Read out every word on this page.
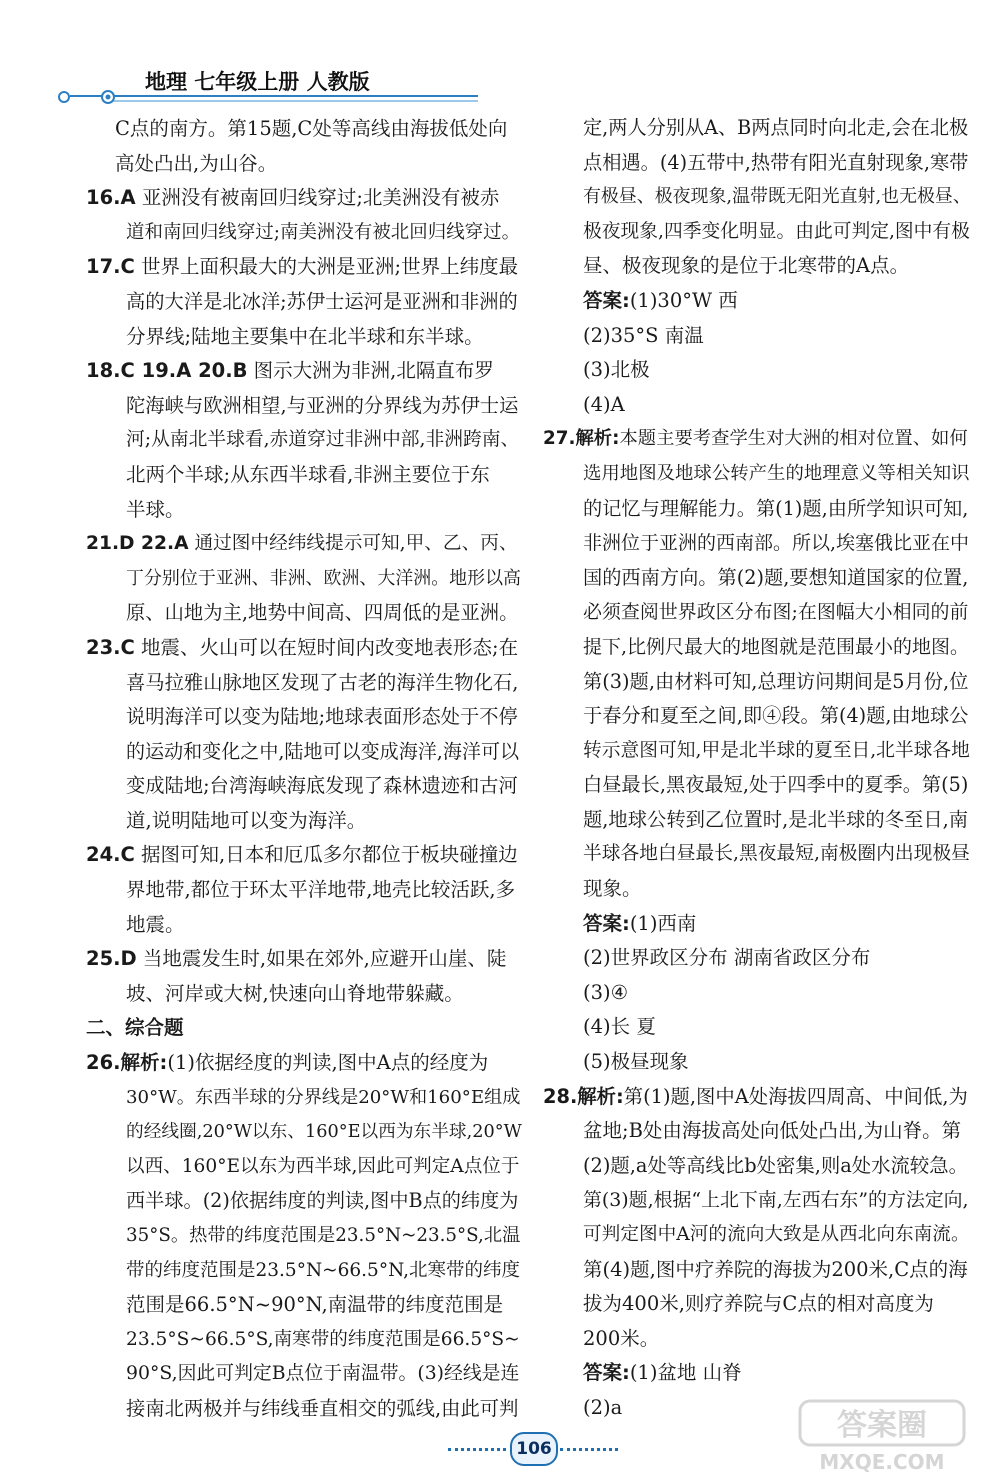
地理 七年级上册 人教版
C点的南方。第15题,C处等高线由海拔低处向
高处凸出,为山谷。
16.A 亚洲没有被南回归线穿过;北美洲没有被赤
道和南回归线穿过;南美洲没有被北回归线穿过。
17.C 世界上面积最大的大洲是亚洲;世界上纬度最
高的大洋是北冰洋;苏伊士运河是亚洲和非洲的
分界线;陆地主要集中在北半球和东半球。
18.C 19.A 20.B 图示大洲为非洲,北隔直布罗
陀海峡与欧洲相望,与亚洲的分界线为苏伊士运
河;从南北半球看,赤道穿过非洲中部,非洲跨南、
北两个半球;从东西半球看,非洲主要位于东
半球。
21.D 22.A 通过图中经纬线提示可知,甲、乙、丙、
丁分别位于亚洲、非洲、欧洲、大洋洲。地形以高
原、山地为主,地势中间高、四周低的是亚洲。
23.C 地震、火山可以在短时间内改变地表形态;在
喜马拉雅山脉地区发现了古老的海洋生物化石,
说明海洋可以变为陆地;地球表面形态处于不停
的运动和变化之中,陆地可以变成海洋,海洋可以
变成陆地;台湾海峡海底发现了森林遗迹和古河
道,说明陆地可以变为海洋。
24.C 据图可知,日本和厄瓜多尔都位于板块碰撞边
界地带,都位于环太平洋地带,地壳比较活跃,多
地震。
25.D 当地震发生时,如果在郊外,应避开山崖、陡
坡、河岸或大树,快速向山脊地带躲藏。
二、综合题
26.解析:(1)依据经度的判读,图中A点的经度为
30°W。东西半球的分界线是20°W和160°E组成
的经线圈,20°W以东、160°E以西为东半球,20°W
以西、160°E以东为西半球,因此可判定A点位于
西半球。(2)依据纬度的判读,图中B点的纬度为
35°S。热带的纬度范围是23.5°N~23.5°S,北温
带的纬度范围是23.5°N~66.5°N,北寒带的纬度
范围是66.5°N~90°N,南温带的纬度范围是
23.5°S~66.5°S,南寒带的纬度范围是66.5°S~
90°S,因此可判定B点位于南温带。(3)经线是连
接南北两极并与纬线垂直相交的弧线,由此可判
定,两人分别从A、B两点同时向北走,会在北极
点相遇。(4)五带中,热带有阳光直射现象,寒带
有极昼、极夜现象,温带既无阳光直射,也无极昼、
极夜现象,四季变化明显。由此可判定,图中有极
昼、极夜现象的是位于北寒带的A点。
答案:(1)30°W 西
(2)35°S 南温
(3)北极
(4)A
27.解析:本题主要考查学生对大洲的相对位置、如何
选用地图及地球公转产生的地理意义等相关知识
的记忆与理解能力。第(1)题,由所学知识可知,
非洲位于亚洲的西南部。所以,埃塞俄比亚在中
国的西南方向。第(2)题,要想知道国家的位置,
必须查阅世界政区分布图;在图幅大小相同的前
提下,比例尺最大的地图就是范围最小的地图。
第(3)题,由材料可知,总理访问期间是5月份,位
于春分和夏至之间,即④段。第(4)题,由地球公
转示意图可知,甲是北半球的夏至日,北半球各地
白昼最长,黑夜最短,处于四季中的夏季。第(5)
题,地球公转到乙位置时,是北半球的冬至日,南
半球各地白昼最长,黑夜最短,南极圈内出现极昼
现象。
答案:(1)西南
(2)世界政区分布 湖南省政区分布
(3)④
(4)长 夏
(5)极昼现象
28.解析:第(1)题,图中A处海拔四周高、中间低,为
盆地;B处由海拔高处向低处凸出,为山脊。第
(2)题,a处等高线比b处密集,则a处水流较急。
第(3)题,根据“上北下南,左西右东”的方法定向,
可判定图中A河的流向大致是从西北向东南流。
第(4)题,图中疗养院的海拔为200米,C点的海
拔为400米,则疗养院与C点的相对高度为
200米。
答案:(1)盆地 山脊
(2)a
106
答案圈
MXQE.COM
